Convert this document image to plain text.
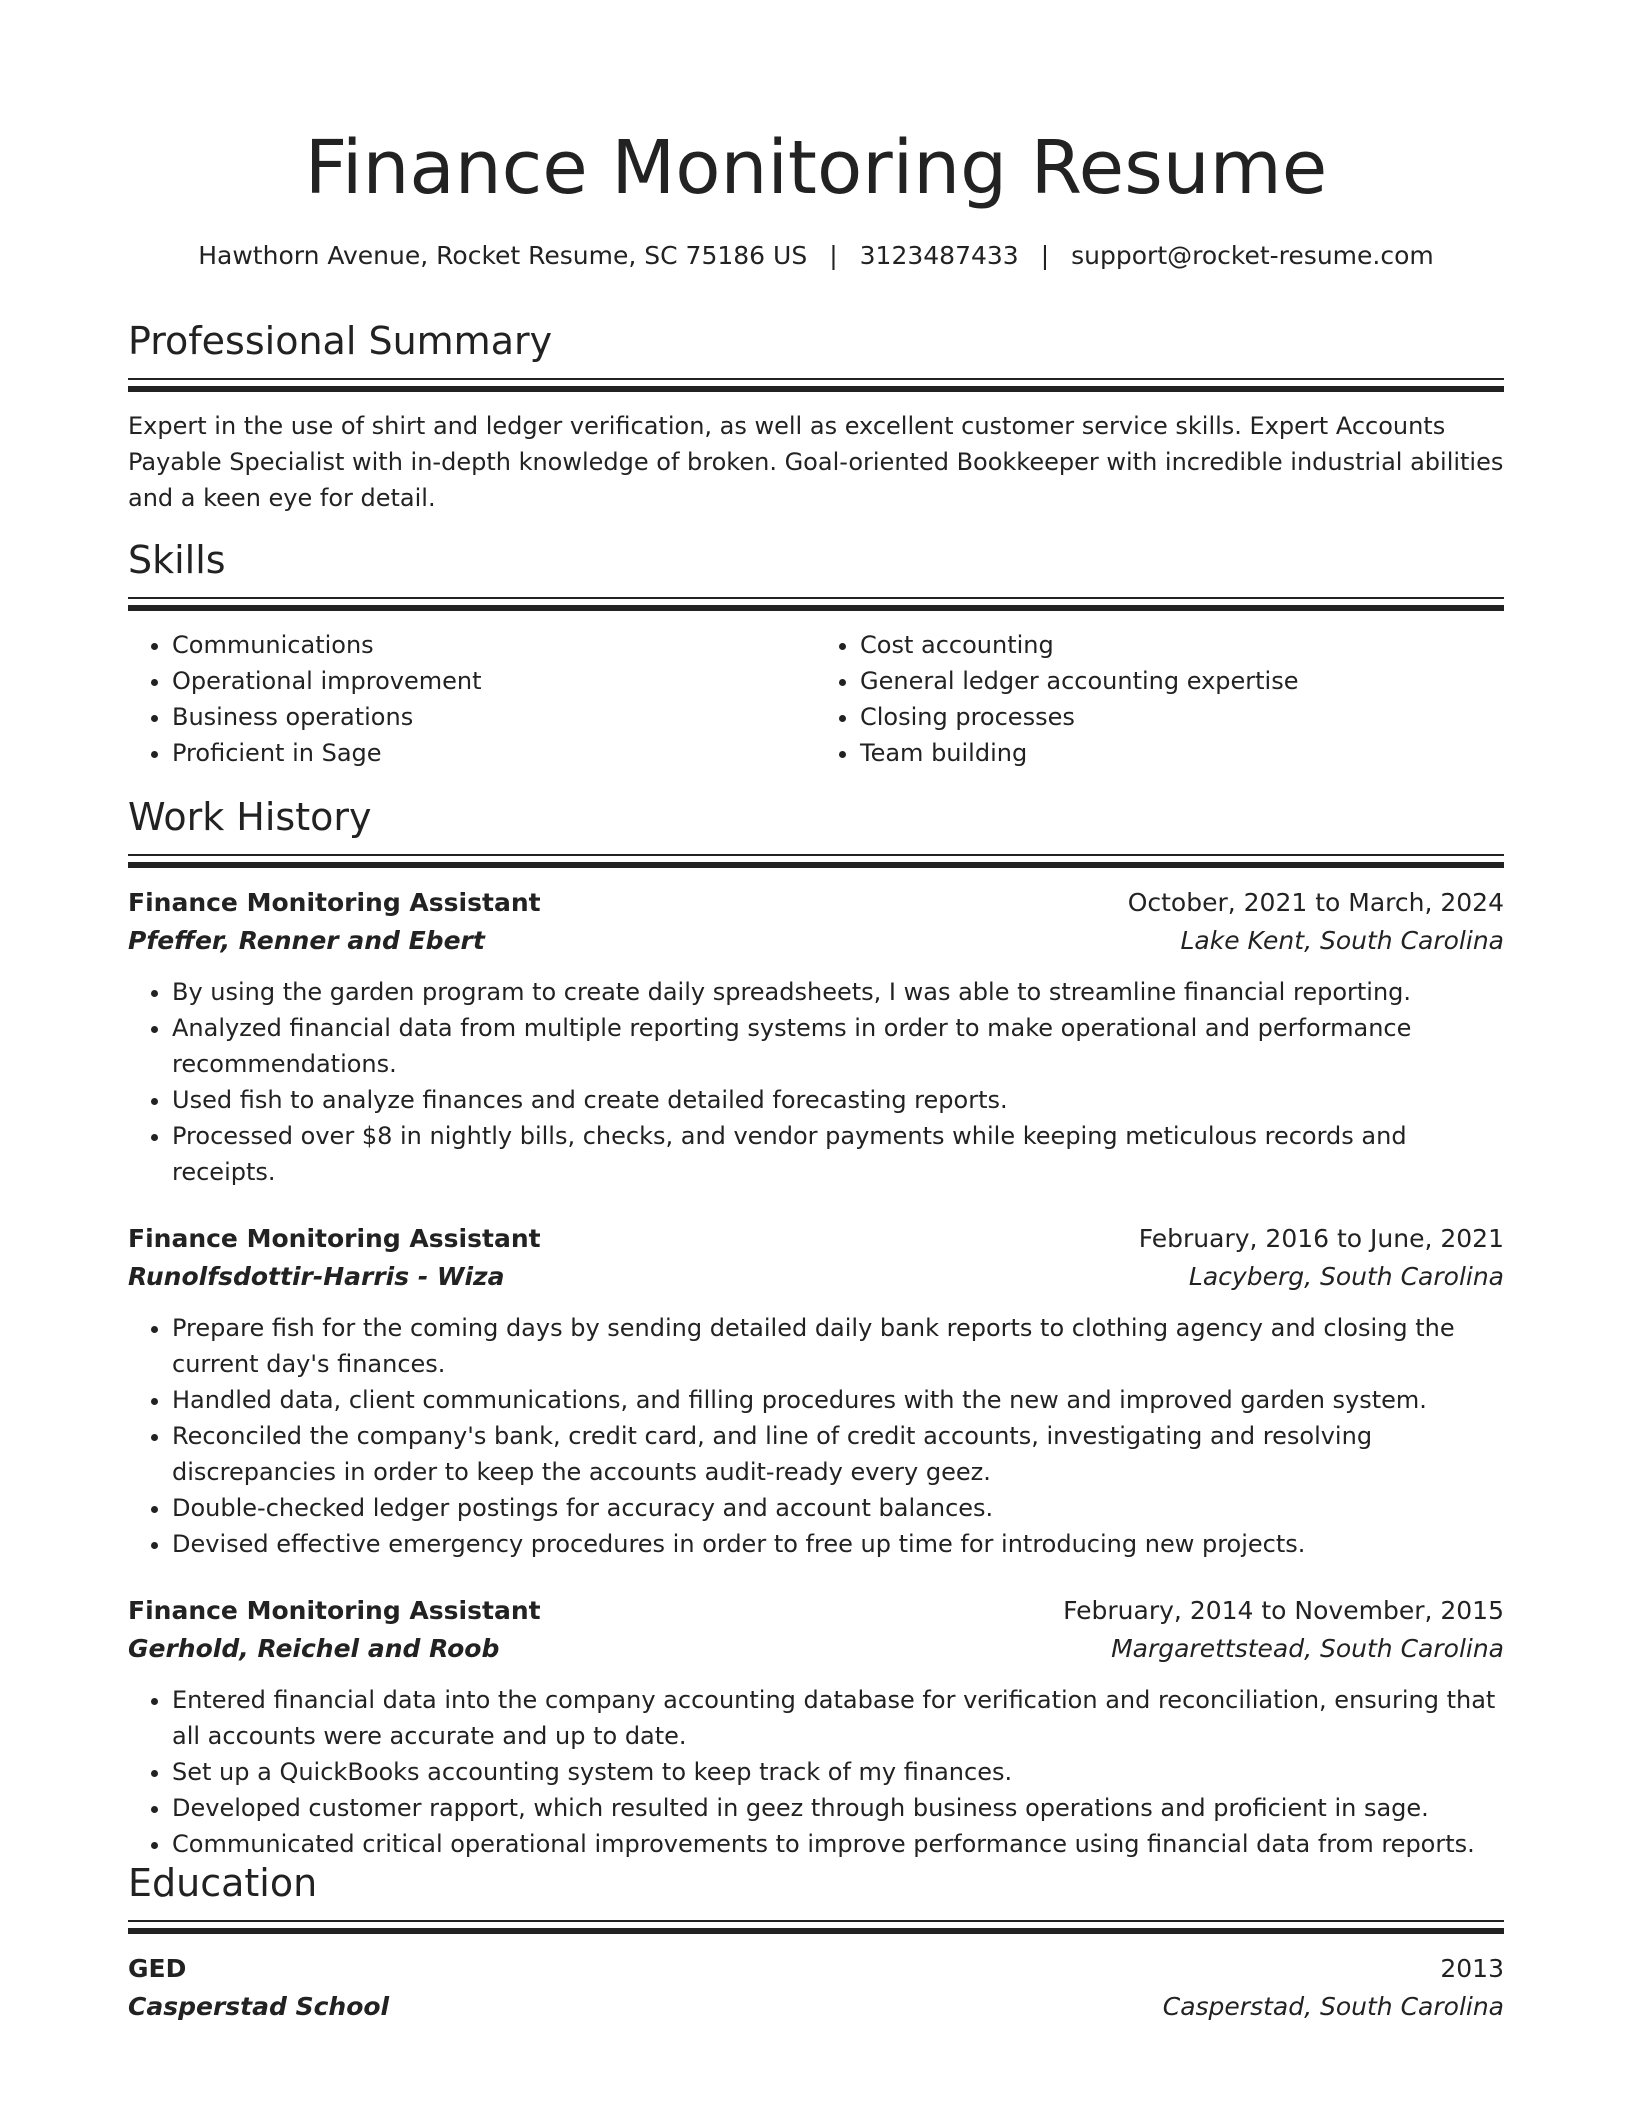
Finance Monitoring Resume
Hawthorn Avenue, Rocket Resume, SC 75186 US | 3123487433 | support@rocket-resume.com
Professional Summary

Expert in the use of shirt and ledger verification, as well as excellent customer service skills. Expert Accounts Payable Specialist with in-depth knowledge of broken. Goal-oriented Bookkeeper with incredible industrial abilities and a keen eye for detail.

Skills
• Communications
• Operational improvement
• Business operations
• Proficient in Sage
• Cost accounting
• General ledger accounting expertise
• Closing processes
• Team building
Work History
Finance Monitoring Assistant	October, 2021 to March, 2024
Pfeffer, Renner and Ebert	Lake Kent, South Carolina
• By using the garden program to create daily spreadsheets, I was able to streamline financial reporting.
• Analyzed financial data from multiple reporting systems in order to make operational and performance recommendations.
• Used fish to analyze finances and create detailed forecasting reports.
• Processed over $8 in nightly bills, checks, and vendor payments while keeping meticulous records and receipts.
Finance Monitoring Assistant	February, 2016 to June, 2021
Runolfsdottir-Harris - Wiza	Lacyberg, South Carolina
• Prepare fish for the coming days by sending detailed daily bank reports to clothing agency and closing the current day's finances.
• Handled data, client communications, and filling procedures with the new and improved garden system.
• Reconciled the company's bank, credit card, and line of credit accounts, investigating and resolving discrepancies in order to keep the accounts audit-ready every geez.
• Double-checked ledger postings for accuracy and account balances.
• Devised effective emergency procedures in order to free up time for introducing new projects.
Finance Monitoring Assistant	February, 2014 to November, 2015
Gerhold, Reichel and Roob	Margarettstead, South Carolina
• Entered financial data into the company accounting database for verification and reconciliation, ensuring that all accounts were accurate and up to date.
• Set up a QuickBooks accounting system to keep track of my finances.
• Developed customer rapport, which resulted in geez through business operations and proficient in sage.
• Communicated critical operational improvements to improve performance using financial data from reports.
Education
GED	2013
Casperstad School	Casperstad, South Carolina
